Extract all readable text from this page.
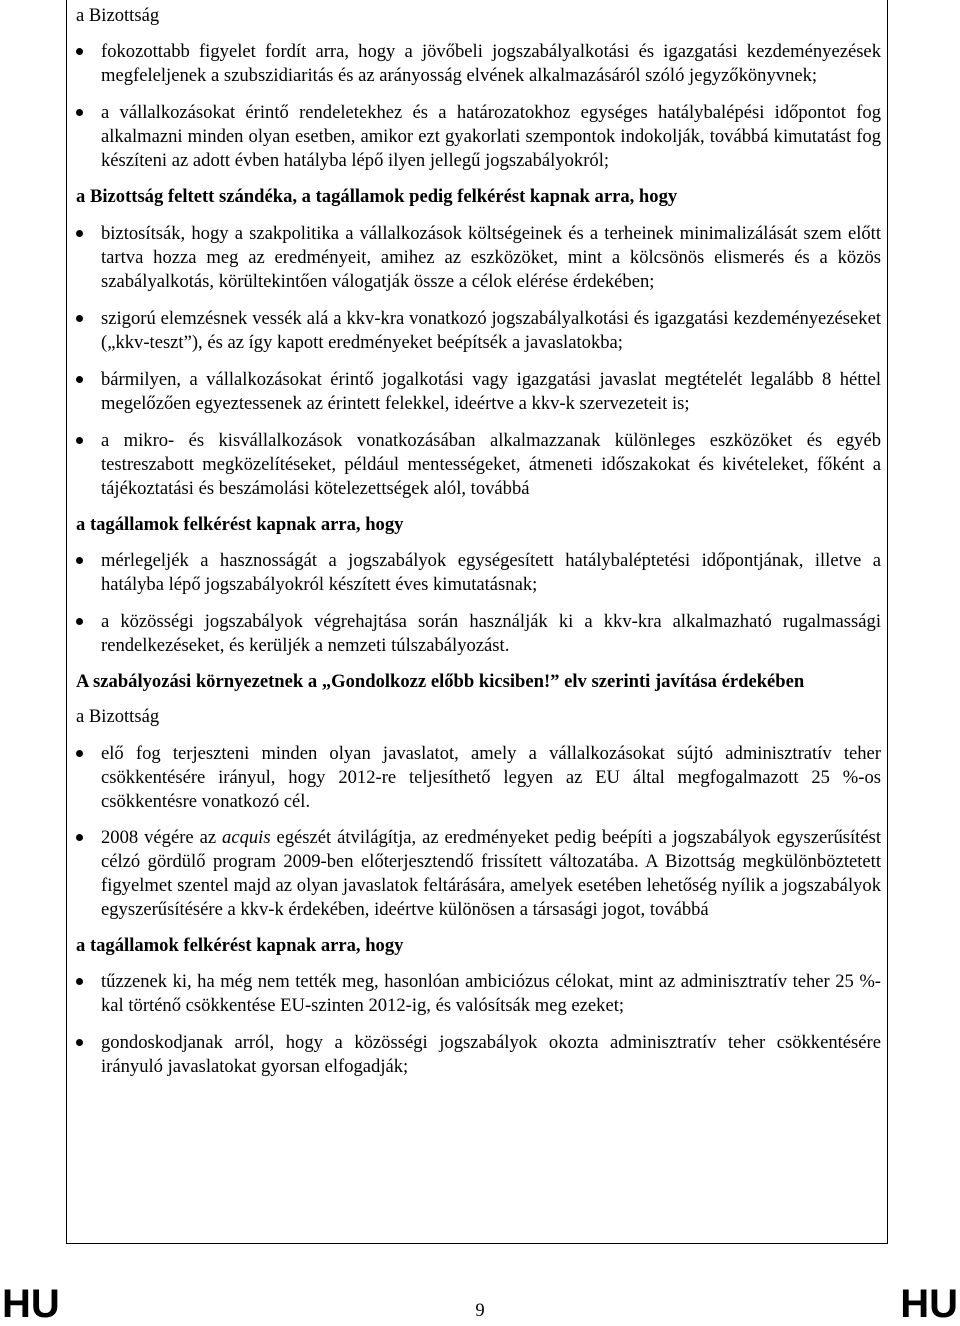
a Bizottság

fokozottabb figyelet fordít arra, hogy a jövőbeli jogszabályalkotási és igazgatási kezdeményezések megfeleljenek a szubszidiaritás és az arányosság elvének alkalmazásáról szóló jegyzőkönyvnek;
a vállalkozásokat érintő rendeletekhez és a határozatokhoz egységes hatálybalépési időpontot fog alkalmazni minden olyan esetben, amikor ezt gyakorlati szempontok indokolják, továbbá kimutatást fog készíteni az adott évben hatályba lépő ilyen jellegű jogszabályokról;

a Bizottság feltett szándéka, a tagállamok pedig felkérést kapnak arra, hogy

biztosítsák, hogy a szakpolitika a vállalkozások költségeinek és a terheinek minimalizálását szem előtt tartva hozza meg az eredményeit, amihez az eszközöket, mint a kölcsönös elismerés és a közös szabályalkotás, körültekintően válogatják össze a célok elérése érdekében;
szigorú elemzésnek vessék alá a kkv-kra vonatkozó jogszabályalkotási és igazgatási kezdeményezéseket („kkv-teszt”), és az így kapott eredményeket beépítsék a javaslatokba;
bármilyen, a vállalkozásokat érintő jogalkotási vagy igazgatási javaslat megtételét legalább 8 héttel megelőzően egyeztessenek az érintett felekkel, ideértve a kkv-k szervezeteit is;
a mikro- és kisvállalkozások vonatkozásában alkalmazzanak különleges eszközöket és egyéb testreszabott megközelítéseket, például mentességeket, átmeneti időszakokat és kivételeket, főként a tájékoztatási és beszámolási kötelezettségek alól, továbbá

a tagállamok felkérést kapnak arra, hogy

mérlegeljék a hasznosságát a jogszabályok egységesített hatálybaléptetési időpontjának, illetve a hatályba lépő jogszabályokról készített éves kimutatásnak;
a közösségi jogszabályok végrehajtása során használják ki a kkv-kra alkalmazható rugalmassági rendelkezéseket, és kerüljék a nemzeti túlszabályozást.

A szabályozási környezetnek a „Gondolkozz előbb kicsiben!” elv szerinti javítása érdekében

a Bizottság

elő fog terjeszteni minden olyan javaslatot, amely a vállalkozásokat sújtó adminisztratív teher csökkentésére irányul, hogy 2012-re teljesíthető legyen az EU által megfogalmazott 25 %-os csökkentésre vonatkozó cél.
2008 végére az acquis egészét átvilágítja, az eredményeket pedig beépíti a jogszabályok egyszerűsítést célzó gördülő program 2009-ben előterjesztendő frissített változatába. A Bizottság megkülönböztetett figyelmet szentel majd az olyan javaslatok feltárására, amelyek esetében lehetőség nyílik a jogszabályok egyszerűsítésére a kkv-k érdekében, ideértve különösen a társasági jogot, továbbá

a tagállamok felkérést kapnak arra, hogy

tűzzenek ki, ha még nem tették meg, hasonlóan ambiciózus célokat, mint az adminisztratív teher 25 %-kal történő csökkentése EU-szinten 2012-ig, és valósítsák meg ezeket;
gondoskodjanak arról, hogy a közösségi jogszabályok okozta adminisztratív teher csökkentésére irányuló javaslatokat gyorsan elfogadják;
HU	9	HU
